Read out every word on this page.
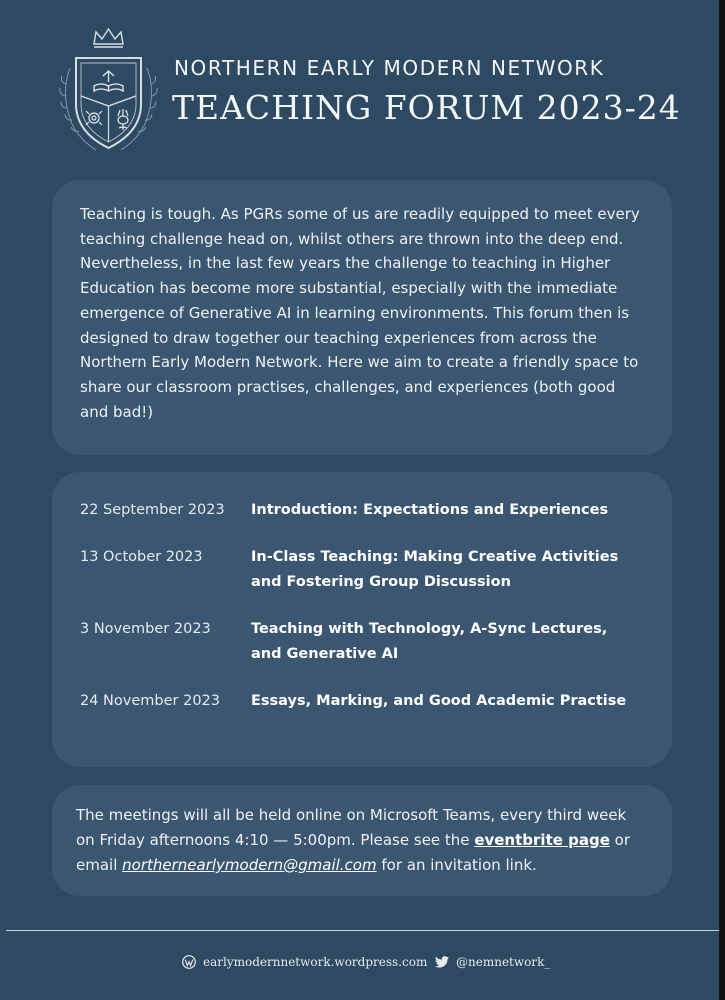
NORTHERN EARLY MODERN NETWORK
TEACHING FORUM 2023-24

Teaching is tough. As PGRs some of us are readily equipped to meet every teaching challenge head on, whilst others are thrown into the deep end. Nevertheless, in the last few years the challenge to teaching in Higher Education has become more substantial, especially with the immediate emergence of Generative AI in learning environments. This forum then is designed to draw together our teaching experiences from across the Northern Early Modern Network. Here we aim to create a friendly space to share our classroom practises, challenges, and experiences (both good and bad!)

22 September 2023	Introduction: Expectations and Experiences
13 October 2023	In-Class Teaching: Making Creative Activities and Fostering Group Discussion
3 November 2023	Teaching with Technology, A-Sync Lectures, and Generative AI
24 November 2023	Essays, Marking, and Good Academic Practise

The meetings will all be held online on Microsoft Teams, every third week on Friday afternoons 4:10 — 5:00pm. Please see the eventbrite page or email northernearlymodern@gmail.com for an invitation link.

earlymodernnetwork.wordpress.com @nemnetwork_
